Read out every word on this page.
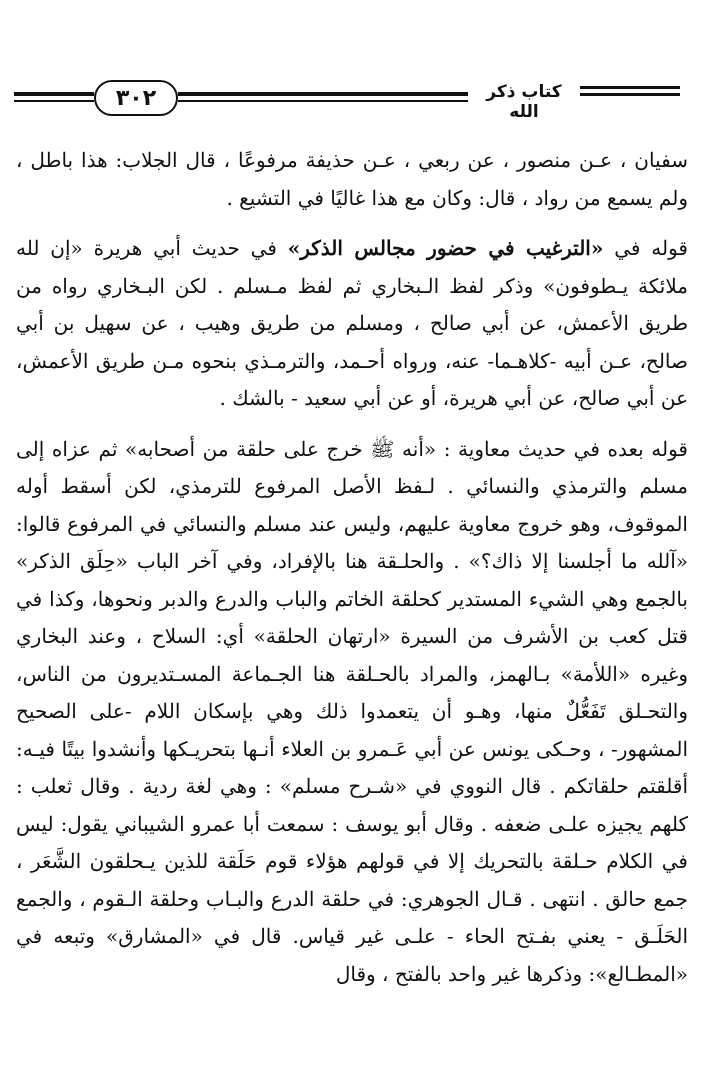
٣٠٢	كتاب ذكر الله

سفيان ، عـن منصور ، عن ربعي ، عـن حذيفة مرفوعًا ، قال الجلاب: هذا باطل ، ولم يسمع من رواد ، قال: وكان مع هذا غاليًا في التشيع .

قوله في «الترغيب في حضور مجالس الذكر» في حديث أبي هريرة «إن لله ملائكة يـطوفون» وذكر لفظ الـبخاري ثم لفظ مـسلم . لكن البـخاري رواه من طريق الأعمش، عن أبي صالح ، ومسلم من طريق وهيب ، عن سهيل بن أبي صالح، عـن أبيه -كلاهـما- عنه، ورواه أحـمد، والترمـذي بنحوه مـن طريق الأعمش، عن أبي صالح، عن أبي هريرة، أو عن أبي سعيد - بالشك .

قوله بعده في حديث معاوية : «أنه ﷺ خرج على حلقة من أصحابه» ثم عزاه إلى مسلم والترمذي والنسائي . لـفظ الأصل المرفوع للترمذي، لكن أسقط أوله الموقوف، وهو خروج معاوية عليهم، وليس عند مسلم والنسائي في المرفوع قالوا: «آلله ما أجلسنا إلا ذاك؟» . والحلـقة هنا بالإفراد، وفي آخر الباب «حِلَق الذكر» بالجمع وهي الشيء المستدير كحلقة الخاتم والباب والدرع والدبر ونحوها، وكذا في قتل كعب بن الأشرف من السيرة «ارتهان الحلقة» أي: السلاح ، وعند البخاري وغيره «اللأمة» بـالهمز، والمراد بالحـلقة هنا الجـماعة المسـتديرون من الناس، والتحـلق تَفَعُّلٌ منها، وهـو أن يتعمدوا ذلك وهي بإسكان اللام -على الصحيح المشهور- ، وحـكى يونس عن أبي عَـمرو بن العلاء أنـها بتحريـكها وأنشدوا بيتًا فيـه: أقلقتم حلقاتكم . قال النووي في «شـرح مسلم» : وهي لغة ردية . وقال ثعلب : كلهم يجيزه علـى ضعفه . وقال أبو يوسف : سمعت أبا عمرو الشيباني يقول: ليس في الكلام حـلقة بالتحريك إلا في قولهم هؤلاء قوم حَلَقة للذين يـحلقون الشَّعَر ، جمع حالق . انتهى . قـال الجوهري: في حلقة الدرع والبـاب وحلقة الـقوم ، والجمع الحَلَـق - يعني بفـتح الحاء - علـى غير قياس. قال في «المشارق» وتبعه في «المطـالع»: وذكرها غير واحد بالفتح ، وقال
